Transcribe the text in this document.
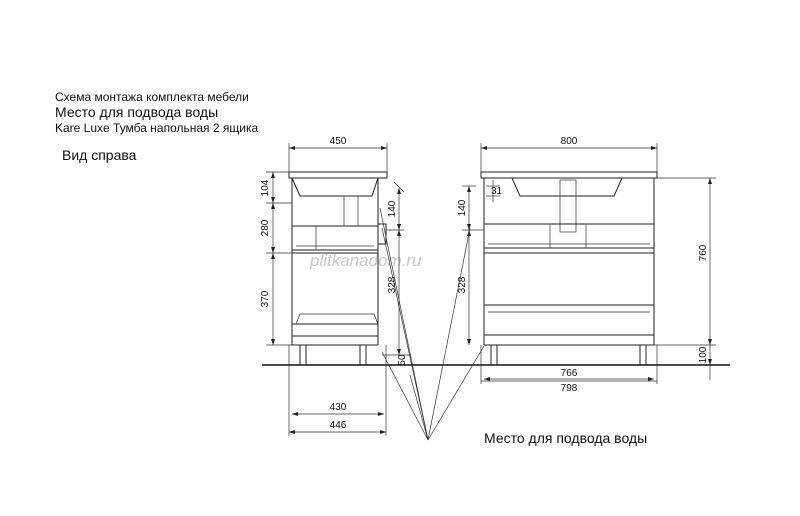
Схема монтажа комплекта мебели
Место для подвода воды
Kare Luxe Тумба напольная 2 ящика
Вид справа
plitkanadom.ru
450
104
280
370
140
328
50
430
446
800
31
140
328
760
100
766
798
Место для подвода воды
